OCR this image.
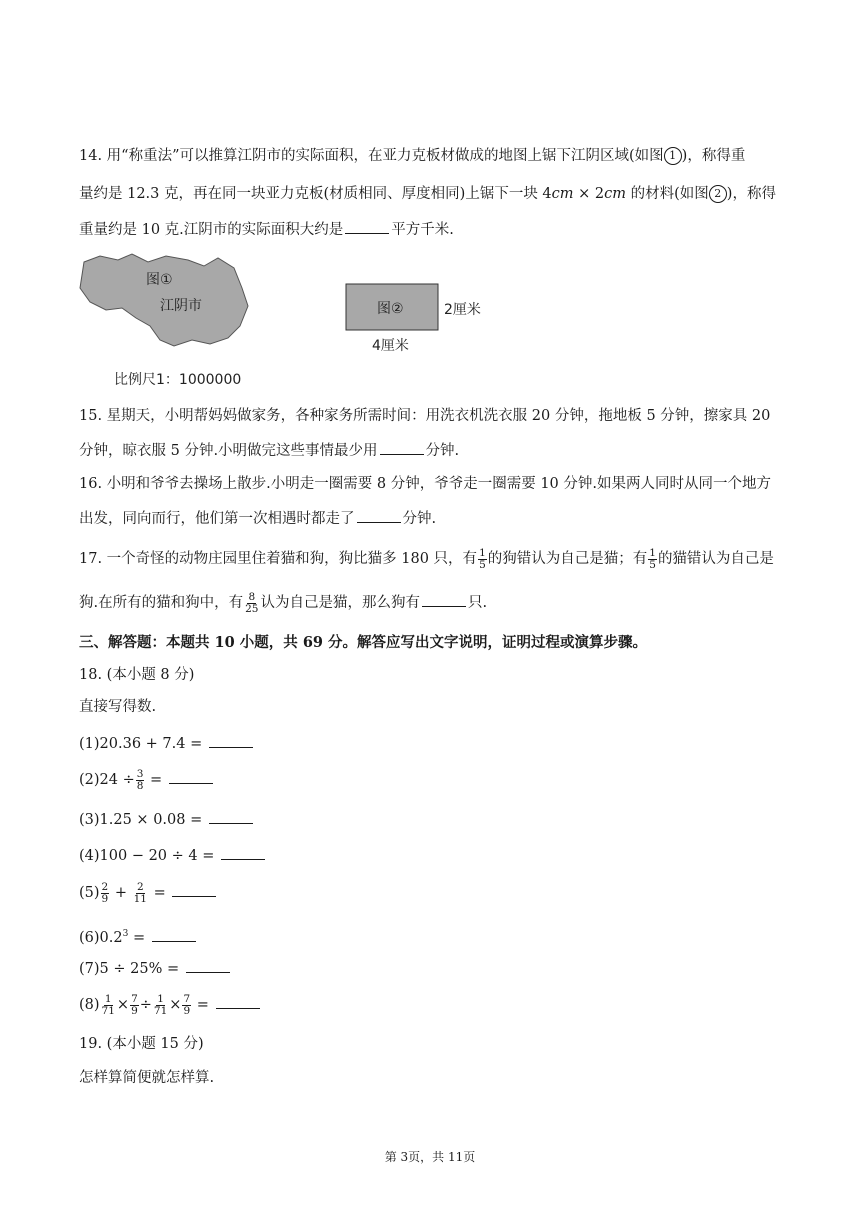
14. 用“称重法”可以推算江阴市的实际面积，在亚力克板材做成的地图上锯下江阴区域(如图 1 )，称得重
量约是 12.3 克，再在同一块亚力克板(材质相同、厚度相同)上锯下一块 4cm × 2cm 的材料(如图 2 )，称得
重量约是 10 克.江阴市的实际面积大约是	平方千米.
图①
江阴市	图②	2厘米
4厘米
比例尺1：1000000
15. 星期天，小明帮妈妈做家务，各种家务所需时间：用洗衣机洗衣服 20 分钟，拖地板 5 分钟，擦家具 20
分钟，晾衣服 5 分钟.小明做完这些事情最少用	分钟.
16. 小明和爷爷去操场上散步.小明走一圈需要 8 分钟，爷爷走一圈需要 10 分钟.如果两人同时从同一个地方
出发，同向而行，他们第一次相遇时都走了	分钟.
17. 一个奇怪的动物庄园里住着猫和狗，狗比猫多 180 只，有 $\frac{1}{5}$ 的狗错认为自己是猫；有 $\frac{1}{5}$ 的猫错认为自己是
狗.在所有的猫和狗中，有 $\frac{8}{25}$ 认为自己是猫，那么狗有	只.
三、解答题：本题共 10 小题，共 69 分。解答应写出文字说明，证明过程或演算步骤。
18. (本小题 8 分)
直接写得数.
(1)20.36 + 7.4 =
$(2)24 \div \frac{3}{8}$ =
(3)1.25 × 0.08 =
(4)100 − 20 ÷ 4 =
$(5) \frac{2}{9} + \frac{2}{11}$ =
$(6)0.2^3$ =
(7)5 ÷ 25% =
$(8) \frac{1}{71} \times \frac{7}{9} \div \frac{1}{71} \times \frac{7}{9}$ =
19. (本小题 15 分)
怎样算简便就怎样算.
第 3页，共 11页
